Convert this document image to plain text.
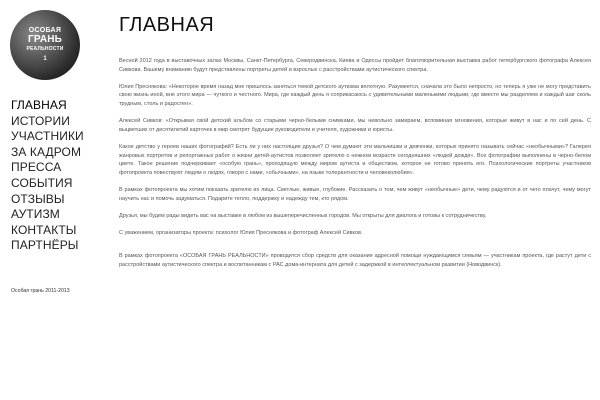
ОСОБАЯ
ГРАНЬ
РЕАЛЬНОСТИ
1
ГЛАВНАЯ
ИСТОРИИ
УЧАСТНИКИ
ЗА КАДРОМ
ПРЕССА
СОБЫТИЯ
ОТЗЫВЫ
АУТИЗМ
КОНТАКТЫ
ПАРТНЁРЫ
Особая грань 2011-2013
ГЛАВНАЯ

Весной 2012 года в выставочных залах Москвы, Санкт-Петербурга, Северодвинска, Киева и Одессы пройдет благотворительная выставка работ петербургского фотографа Алексея Сивкова. Вашему вниманию будут представлены портреты детей и взрослых с расстройствами аутистического спектра.

Юлия Преснякова: «Некоторое время назад мне пришлось заняться темой детского аутизма вплотную. Разумеется, сначала это было непросто, но теперь я уже не могу представить свою жизнь иной, вне этого мира — чуткого и честного. Мира, где каждый день я соприкасаюсь с удивительными маленькими людьми, где вместе мы разделяем и каждый шаг сколь трудным, столь и радостен».

Алексей Сивков: «Открывая свой детский альбом со старыми черно-белыми снимками, мы невольно замираем, вспоминая мгновения, которые живут в нас и по сей день. С выцветших от десятилетий карточек в мир смотрят будущие руководители и учителя, художники и юристы.

Какое детство у героев наших фотографий? Есть ли у них настоящие друзья? О чем думают эти мальчишки и девчонки, которых принято называть сейчас «необычными»? Галерея жанровых портретов и репортажных работ о жизни детей-аутистов позволяет зрителю о нежном возрасте сегодняшних «людей дождя». Все фотографии выполнены в черно-белом цвете. Такое решение подчеркивает «особую грань», проходящую между миром аутиста и обществом, которое не готово принять его. Психологические портреты участников фотопроекта повествуют людям о людях, говоря с нами, «обычными», на языке толерантности и человеколюбия».

В рамках фотопроекта мы хотим показать зрителю их лица. Светлые, живые, глубокие. Рассказать о том, чем живут «необычные» дети, чему радуются и от чего плачут, чему могут научить нас и помочь задуматься. Подарите тепло, поддержку и надежду тем, кто рядом.

Друзья, мы будем рады видеть вас на выставке в любом из вышеперечисленных городов. Мы открыты для диалога и готовы к сотрудничеству.

С уважением, организаторы проекта: психолог Юлия Преснякова и фотограф Алексей Сивков.

В рамках фотопроекта «ОСОБАЯ ГРАНЬ РЕАЛЬНОСТИ» проводится сбор средств для оказания адресной помощи нуждающимся семьям — участникам проекта, где растут дети с расстройствами аутистического спектра и воспитанникам с РАС дома-интерната для детей с задержкой в интеллектуальном развитии (Новодвинск).
